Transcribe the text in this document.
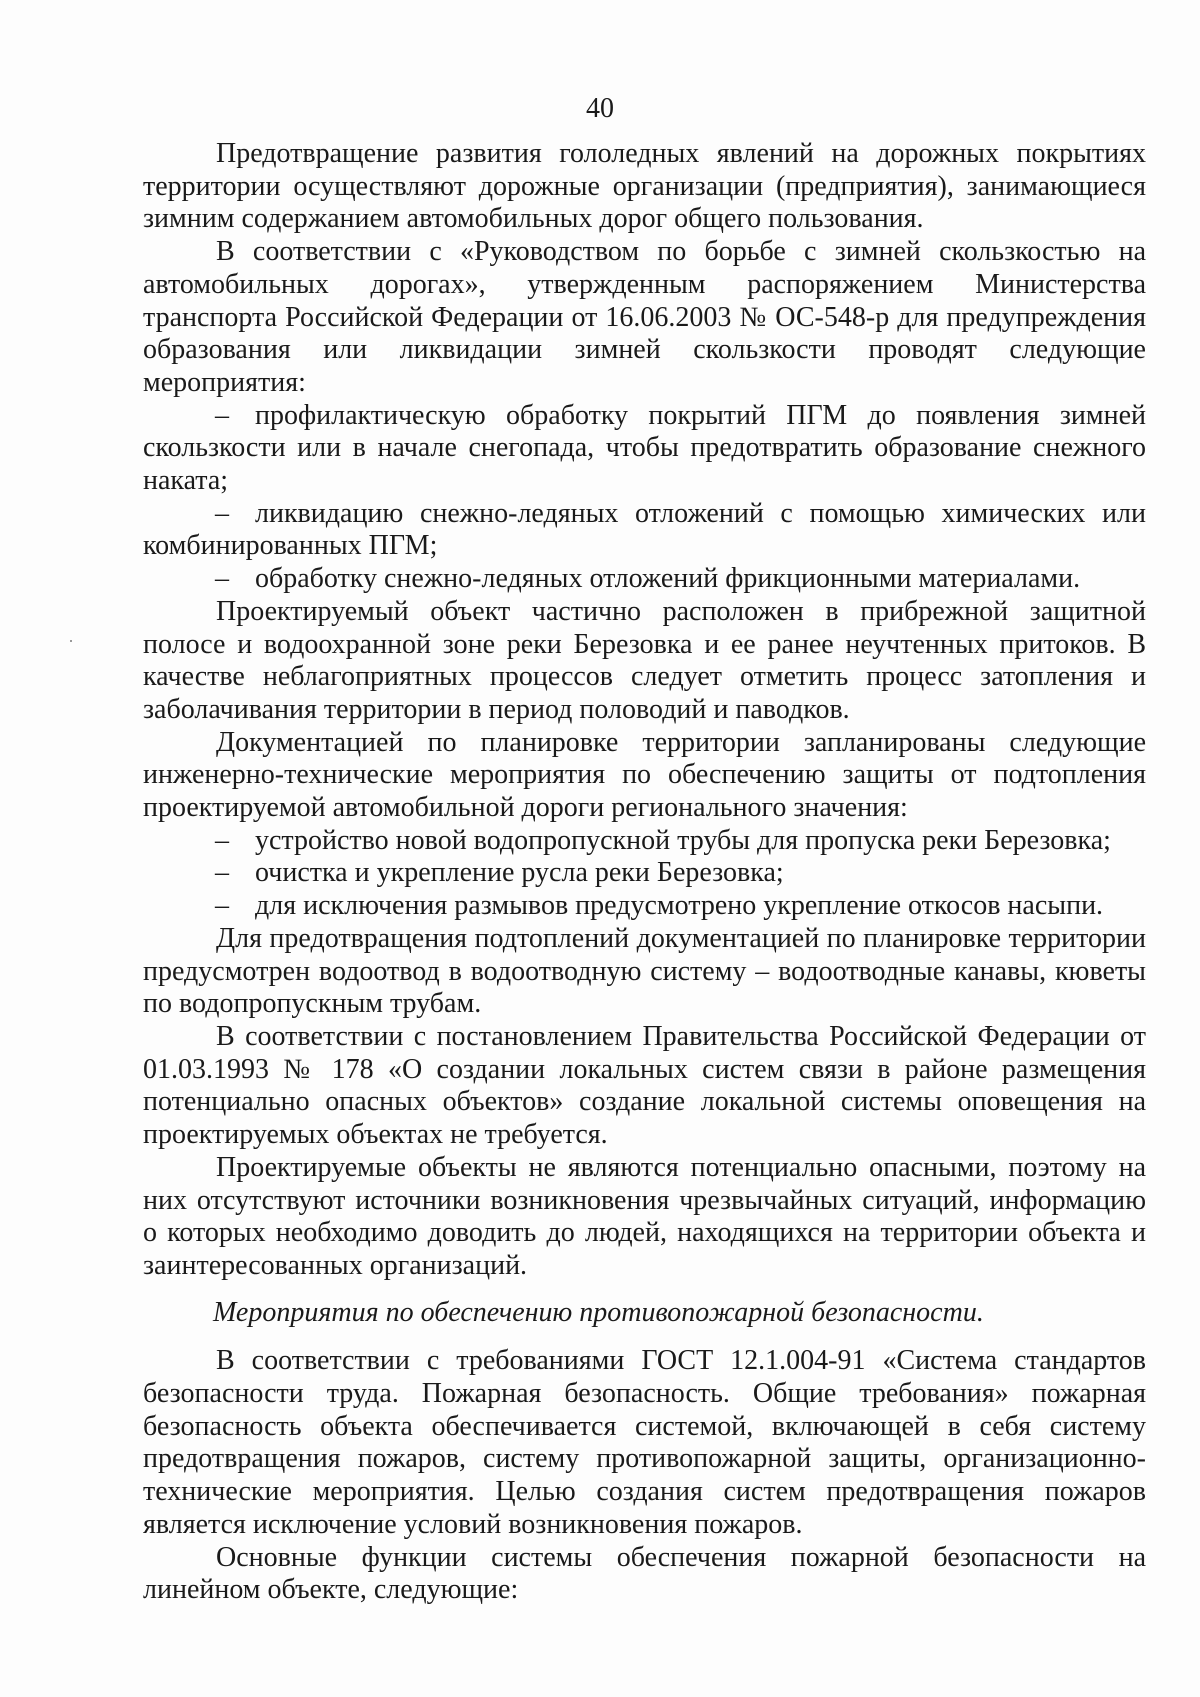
40

Предотвращение развития гололедных явлений на дорожных покрытиях территории осуществляют дорожные организации (предприятия), занимающиеся зимним содержанием автомобильных дорог общего пользования.

В соответствии с «Руководством по борьбе с зимней скользкостью на автомобильных дорогах», утвержденным распоряжением Министерства транспорта Российской Федерации от 16.06.2003 № ОС-548-р для предупреждения образования или ликвидации зимней скользкости проводят следующие мероприятия:

– профилактическую обработку покрытий ПГМ до появления зимней скользкости или в начале снегопада, чтобы предотвратить образование снежного наката;

– ликвидацию снежно-ледяных отложений с помощью химических или комбинированных ПГМ;

– обработку снежно-ледяных отложений фрикционными материалами.

Проектируемый объект частично расположен в прибрежной защитной полосе и водоохранной зоне реки Березовка и ее ранее неучтенных притоков. В качестве неблагоприятных процессов следует отметить процесс затопления и заболачивания территории в период половодий и паводков.

Документацией по планировке территории запланированы следующие инженерно-технические мероприятия по обеспечению защиты от подтопления проектируемой автомобильной дороги регионального значения:

– устройство новой водопропускной трубы для пропуска реки Березовка;

– очистка и укрепление русла реки Березовка;

– для исключения размывов предусмотрено укрепление откосов насыпи.

Для предотвращения подтоплений документацией по планировке территории предусмотрен водоотвод в водоотводную систему – водоотводные канавы, кюветы по водопропускным трубам.

В соответствии с постановлением Правительства Российской Федерации от 01.03.1993 № 178 «О создании локальных систем связи в районе размещения потенциально опасных объектов» создание локальной системы оповещения на проектируемых объектах не требуется.

Проектируемые объекты не являются потенциально опасными, поэтому на них отсутствуют источники возникновения чрезвычайных ситуаций, информацию о которых необходимо доводить до людей, находящихся на территории объекта и заинтересованных организаций.

Мероприятия по обеспечению противопожарной безопасности.

В соответствии с требованиями ГОСТ 12.1.004-91 «Система стандартов безопасности труда. Пожарная безопасность. Общие требования» пожарная безопасность объекта обеспечивается системой, включающей в себя систему предотвращения пожаров, систему противопожарной защиты, организационно-технические мероприятия. Целью создания систем предотвращения пожаров является исключение условий возникновения пожаров.

Основные функции системы обеспечения пожарной безопасности на линейном объекте, следующие:
